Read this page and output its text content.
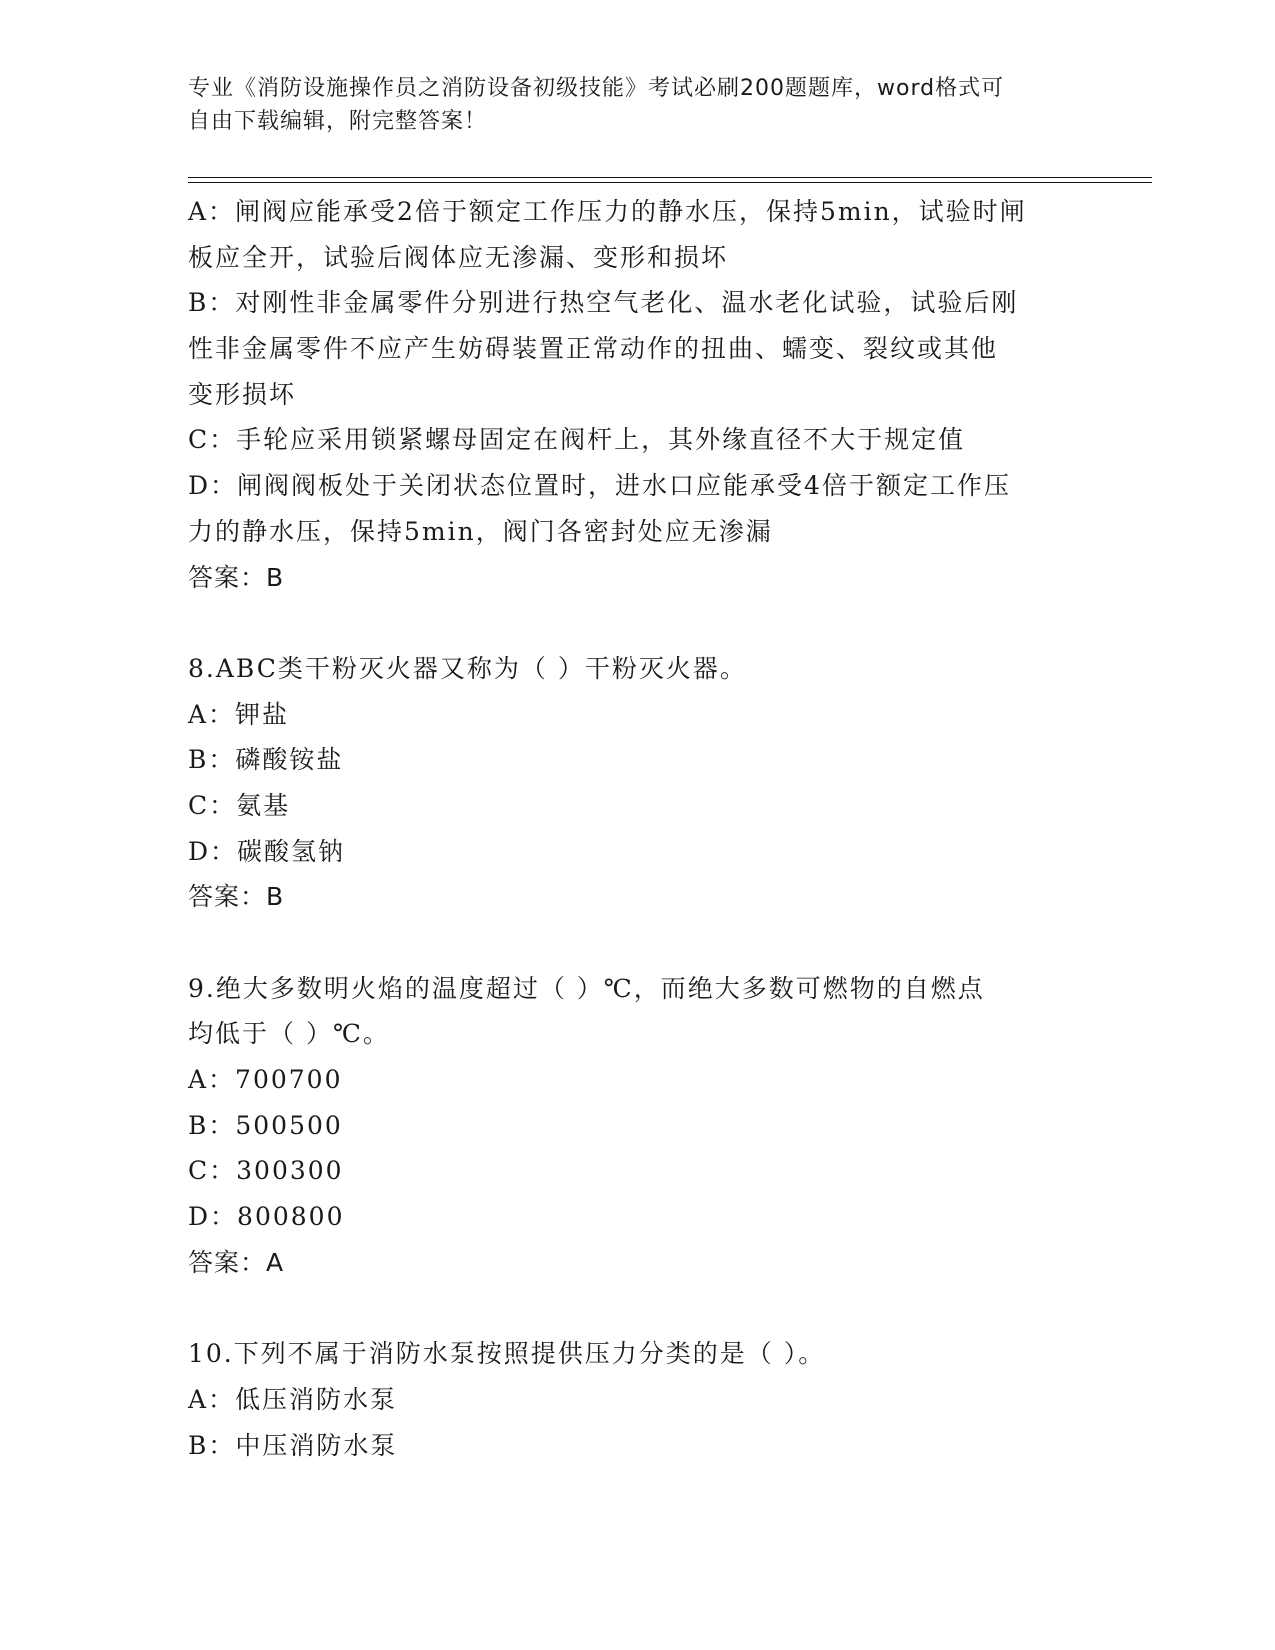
专业《消防设施操作员之消防设备初级技能》考试必刷200题题库，word格式可
自由下载编辑，附完整答案！
A：闸阀应能承受2倍于额定工作压力的静水压，保持5min，试验时闸
板应全开，试验后阀体应无渗漏、变形和损坏
B：对刚性非金属零件分别进行热空气老化、温水老化试验，试验后刚
性非金属零件不应产生妨碍装置正常动作的扭曲、蠕变、裂纹或其他
变形损坏
C：手轮应采用锁紧螺母固定在阀杆上，其外缘直径不大于规定值
D：闸阀阀板处于关闭状态位置时，进水口应能承受4倍于额定工作压
力的静水压，保持5min，阀门各密封处应无渗漏
答案：B
8.ABC类干粉灭火器又称为（ ）干粉灭火器。
A：钾盐
B：磷酸铵盐
C：氨基
D：碳酸氢钠
答案：B
9.绝大多数明火焰的温度超过（ ）℃，而绝大多数可燃物的自燃点
均低于（ ）℃。
A：700700
B：500500
C：300300
D：800800
答案：A
10.下列不属于消防水泵按照提供压力分类的是（ ）。
A：低压消防水泵
B：中压消防水泵
